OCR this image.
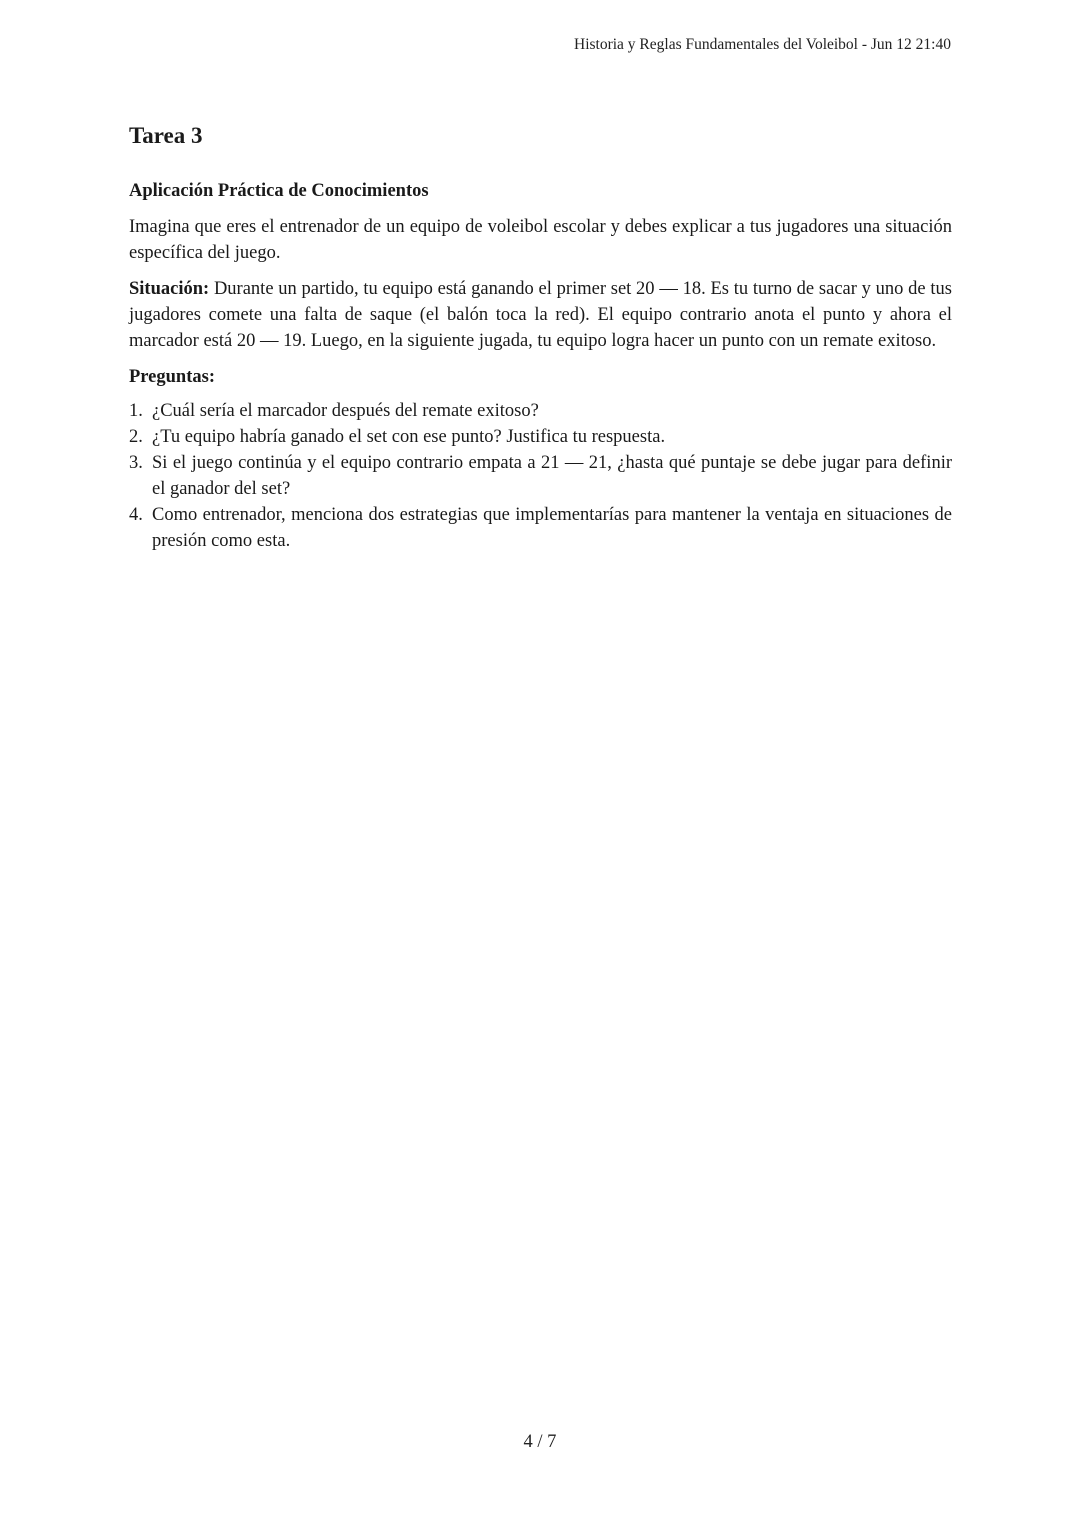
Historia y Reglas Fundamentales del Voleibol - Jun 12 21:40
Tarea 3
Aplicación Práctica de Conocimientos

Imagina que eres el entrenador de un equipo de voleibol escolar y debes explicar a tus jugadores una situación específica del juego.

Situación: Durante un partido, tu equipo está ganando el primer set 20 — 18. Es tu turno de sacar y uno de tus jugadores comete una falta de saque (el balón toca la red). El equipo contrario anota el punto y ahora el marcador está 20 — 19. Luego, en la siguiente jugada, tu equipo logra hacer un punto con un remate exitoso.

Preguntas:
1. ¿Cuál sería el marcador después del remate exitoso?
2. ¿Tu equipo habría ganado el set con ese punto? Justifica tu respuesta.
3. Si el juego continúa y el equipo contrario empata a 21 — 21, ¿hasta qué puntaje se debe jugar para definir el ganador del set?
4. Como entrenador, menciona dos estrategias que implementarías para mantener la ventaja en situaciones de presión como esta.
4 / 7
